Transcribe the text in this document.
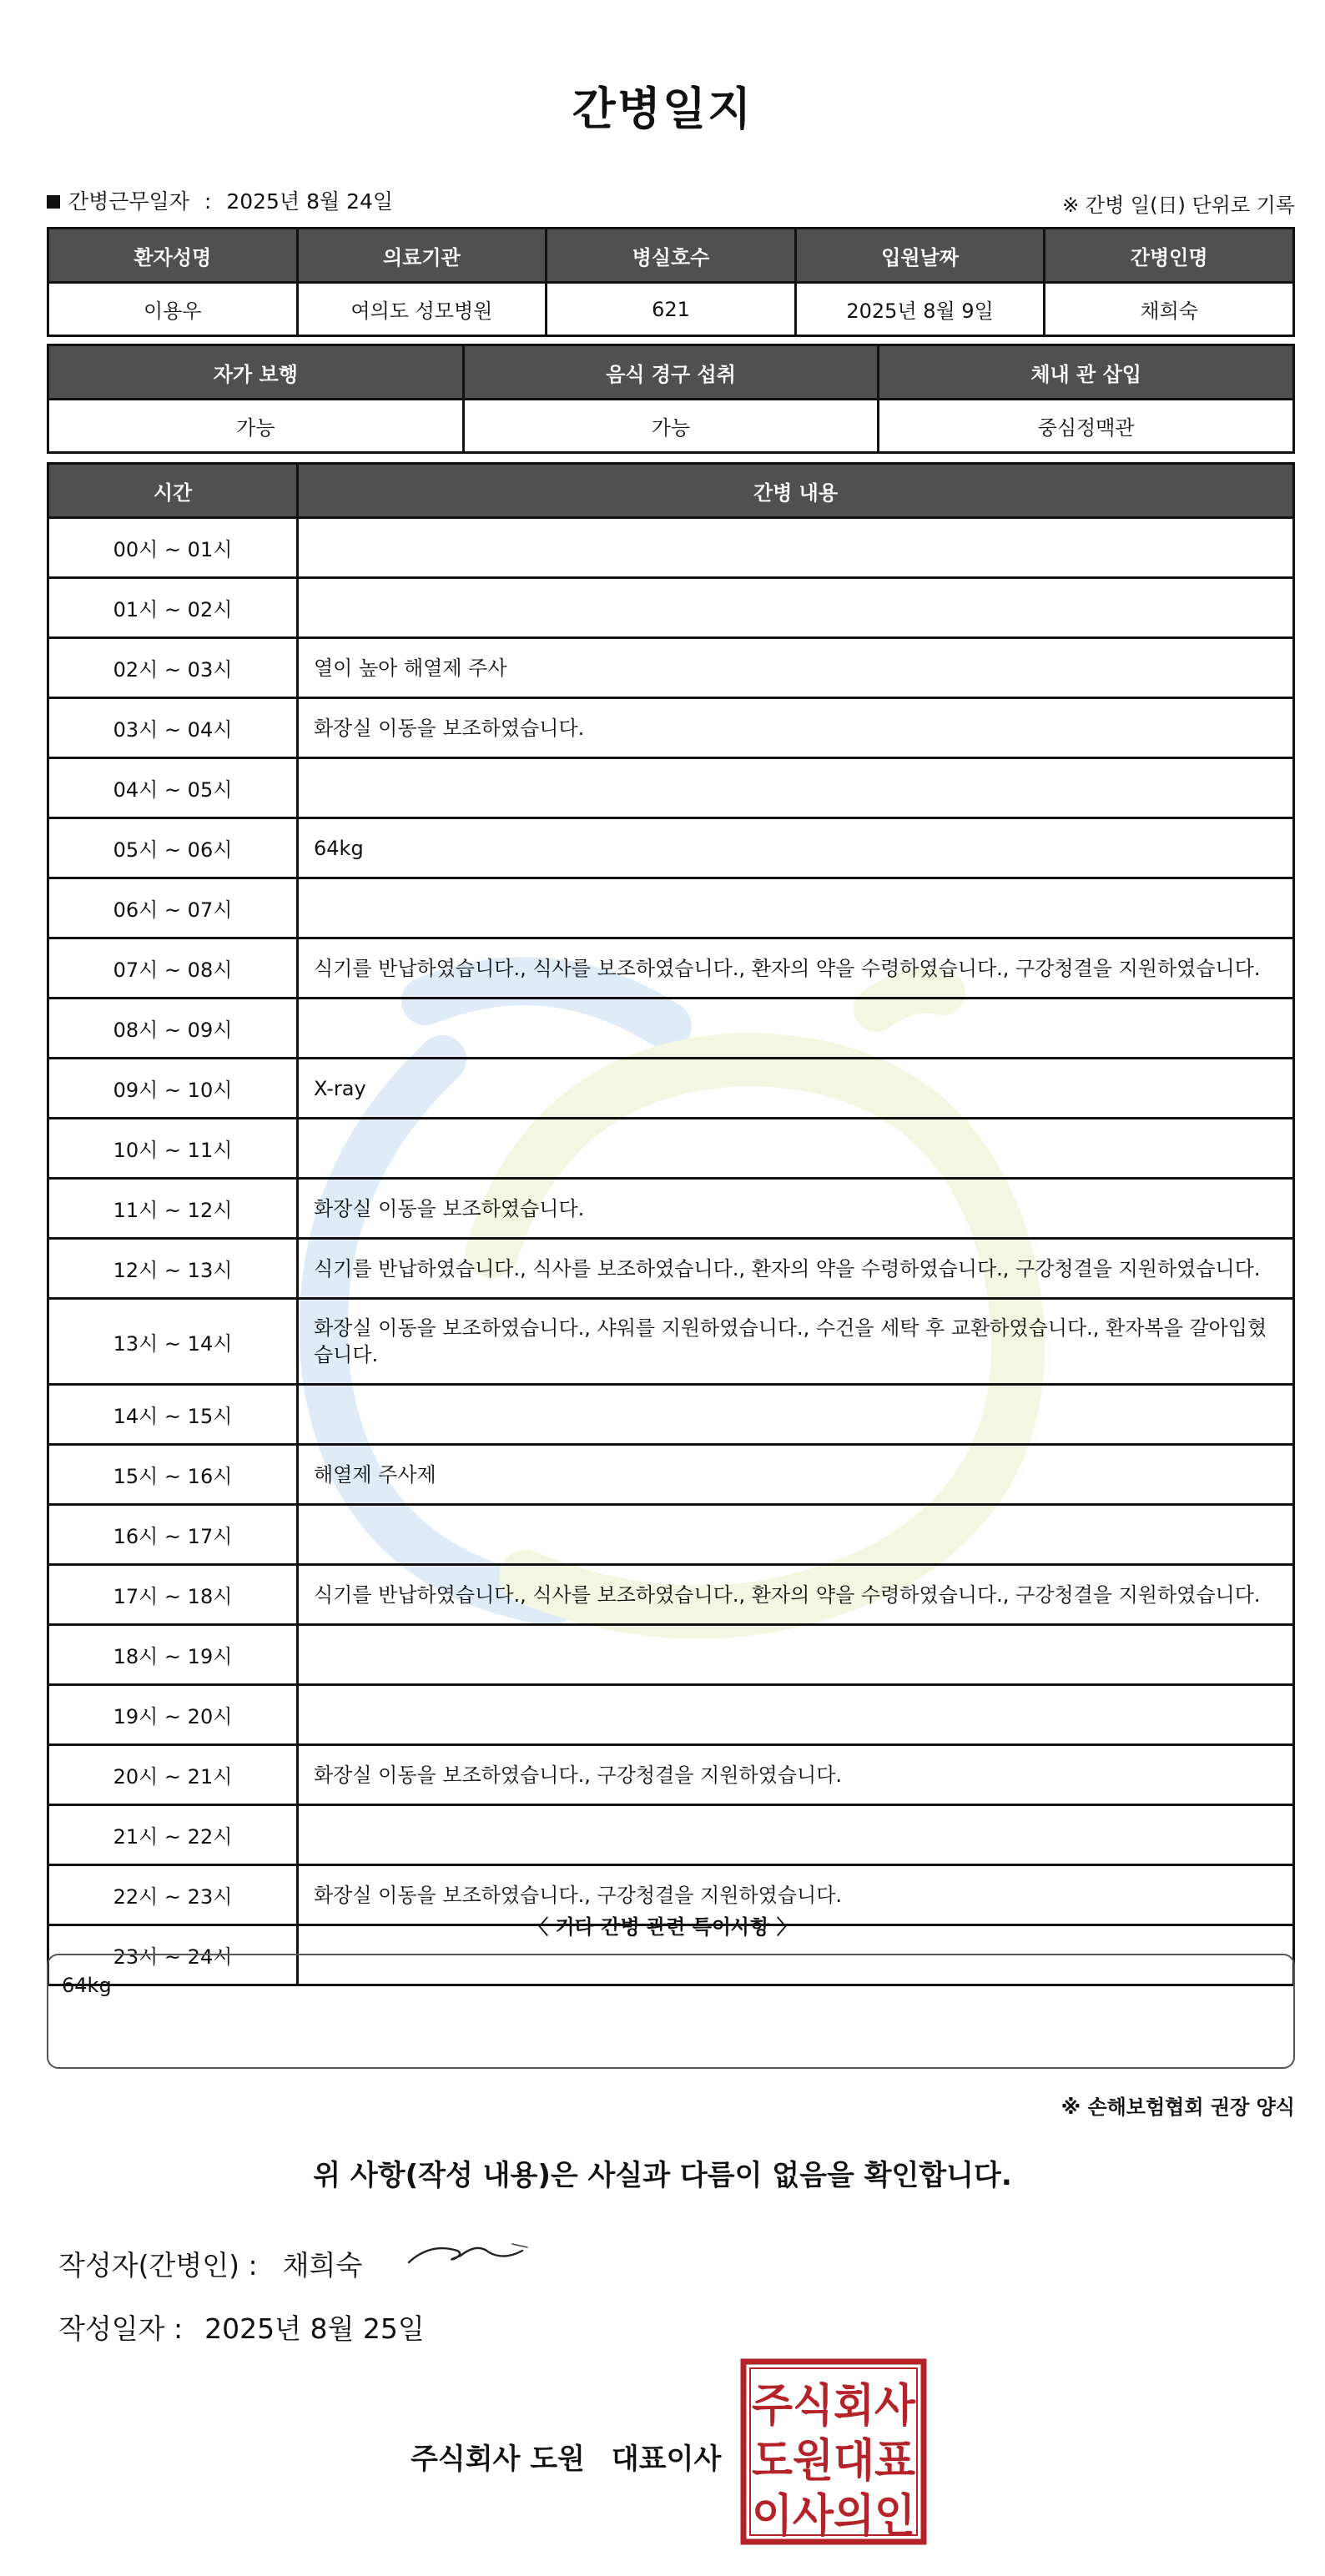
간병일지
간병근무일자 : 2025년 8월 24일	※ 간병 일(日) 단위로 기록
환자성명	의료기관	병실호수	입원날짜	간병인명
이용우	여의도 성모병원	621	2025년 8월 9일	채희숙
자가 보행	음식 경구 섭취	체내 관 삽입
가능	가능	중심정맥관
시간	간병 내용
00시 ~ 01시	
01시 ~ 02시	
02시 ~ 03시	열이 높아 해열제 주사
03시 ~ 04시	화장실 이동을 보조하였습니다.
04시 ~ 05시	
05시 ~ 06시	64kg
06시 ~ 07시	
07시 ~ 08시	식기를 반납하였습니다., 식사를 보조하였습니다., 환자의 약을 수령하였습니다., 구강청결을 지원하였습니다.
08시 ~ 09시	
09시 ~ 10시	X-ray
10시 ~ 11시	
11시 ~ 12시	화장실 이동을 보조하였습니다.
12시 ~ 13시	식기를 반납하였습니다., 식사를 보조하였습니다., 환자의 약을 수령하였습니다., 구강청결을 지원하였습니다.
13시 ~ 14시	화장실 이동을 보조하였습니다., 샤워를 지원하였습니다., 수건을 세탁 후 교환하였습니다., 환자복을 갈아입혔습니다.
14시 ~ 15시	
15시 ~ 16시	해열제 주사제
16시 ~ 17시	
17시 ~ 18시	식기를 반납하였습니다., 식사를 보조하였습니다., 환자의 약을 수령하였습니다., 구강청결을 지원하였습니다.
18시 ~ 19시	
19시 ~ 20시	
20시 ~ 21시	화장실 이동을 보조하였습니다., 구강청결을 지원하였습니다.
21시 ~ 22시	
22시 ~ 23시	화장실 이동을 보조하였습니다., 구강청결을 지원하였습니다.
23시 ~ 24시	
〈 기타 간병 관련 특이사항 〉
64kg
※ 손해보험협회 권장 양식
위 사항(작성 내용)은 사실과 다름이 없음을 확인합니다.
작성자(간병인) : 채희숙
작성일자 : 2025년 8월 25일
주식회사 도원 대표이사
주식회사
도원대표
이사의인
